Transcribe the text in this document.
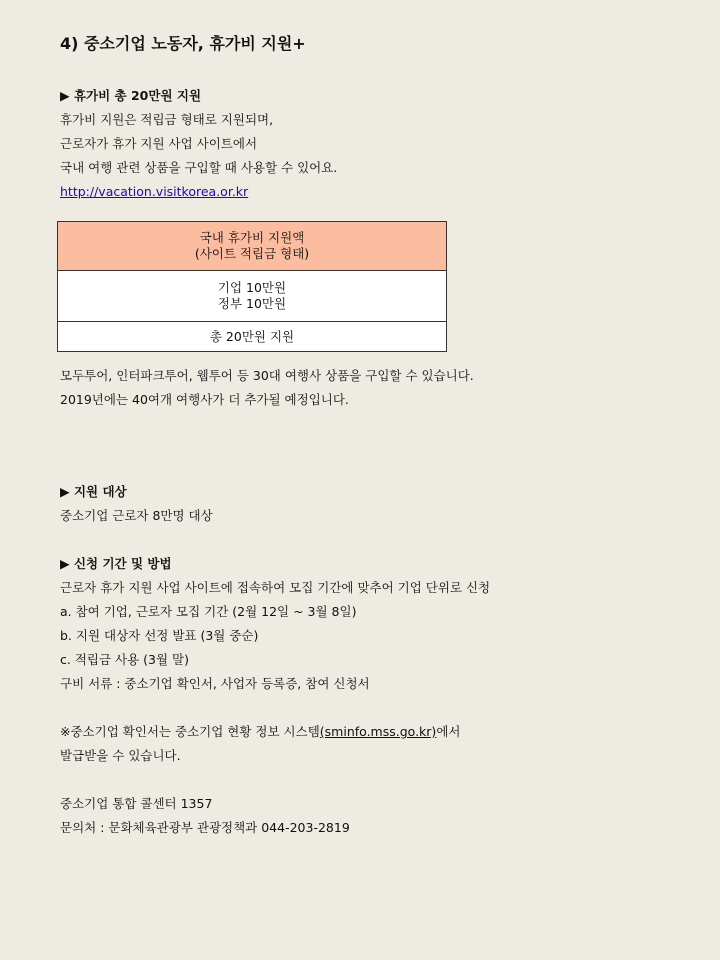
4) 중소기업 노동자, 휴가비 지원+
▶ 휴가비 총 20만원 지원
휴가비 지원은 적립금 형태로 지원되며,
근로자가 휴가 지원 사업 사이트에서
국내 여행 관련 상품을 구입할 때 사용할 수 있어요.
http://vacation.visitkorea.or.kr
국내 휴가비 지원액
(사이트 적립금 형태)

기업 10만원
정부 10만원

총 20만원 지원
모두투어, 인터파크투어, 웹투어 등 30대 여행사 상품을 구입할 수 있습니다.
2019년에는 40여개 여행사가 더 추가될 예정입니다.
▶ 지원 대상
중소기업 근로자 8만명 대상
▶ 신청 기간 및 방법
근로자 휴가 지원 사업 사이트에 접속하여 모집 기간에 맞추어 기업 단위로 신청
a. 참여 기업, 근로자 모집 기간 (2월 12일 ~ 3월 8일)
b. 지원 대상자 선정 발표 (3월 중순)
c. 적립금 사용 (3월 말)
구비 서류 : 중소기업 확인서, 사업자 등록증, 참여 신청서
※중소기업 확인서는 중소기업 현황 정보 시스템(sminfo.mss.go.kr)에서
발급받을 수 있습니다.
중소기업 통합 콜센터 1357
문의처 : 문화체육관광부 관광정책과 044-203-2819
